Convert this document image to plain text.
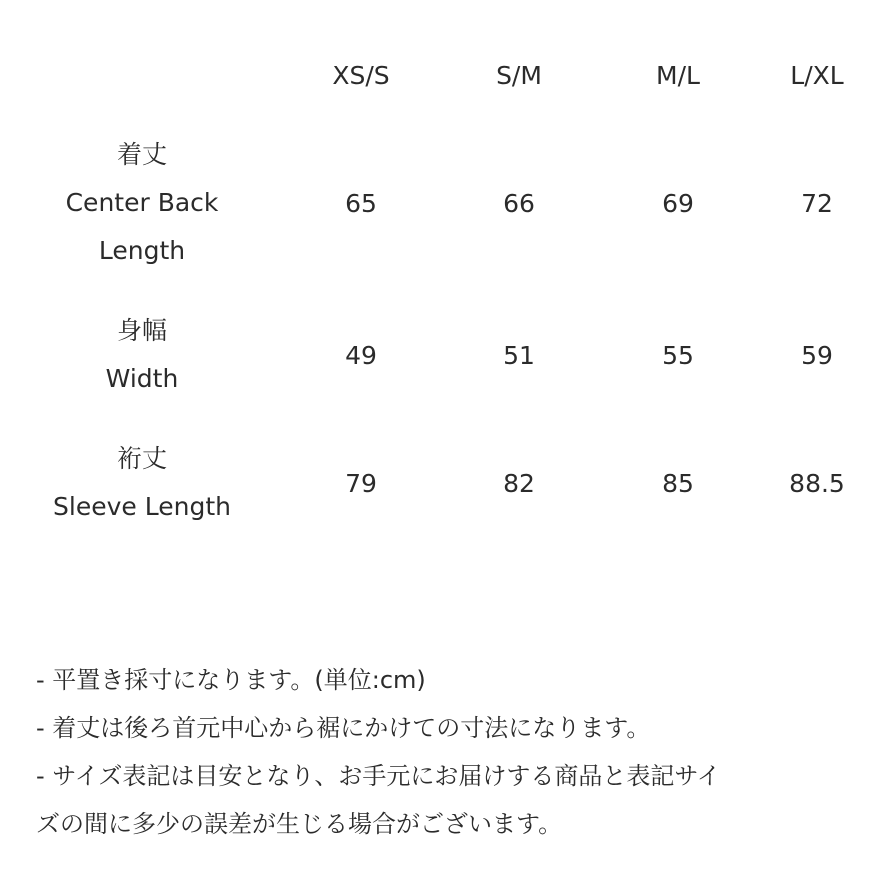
XS/S	S/M	M/L	L/XL
着丈
Center Back
Length
65	66	69	72
身幅
Width
49	51	55	59
裄丈
Sleeve Length
79	82	85	88.5
- 平置き採寸になります。(単位:cm)
- 着丈は後ろ首元中心から裾にかけての寸法になります。
- サイズ表記は目安となり、お手元にお届けする商品と表記サイ
ズの間に多少の誤差が生じる場合がございます。
